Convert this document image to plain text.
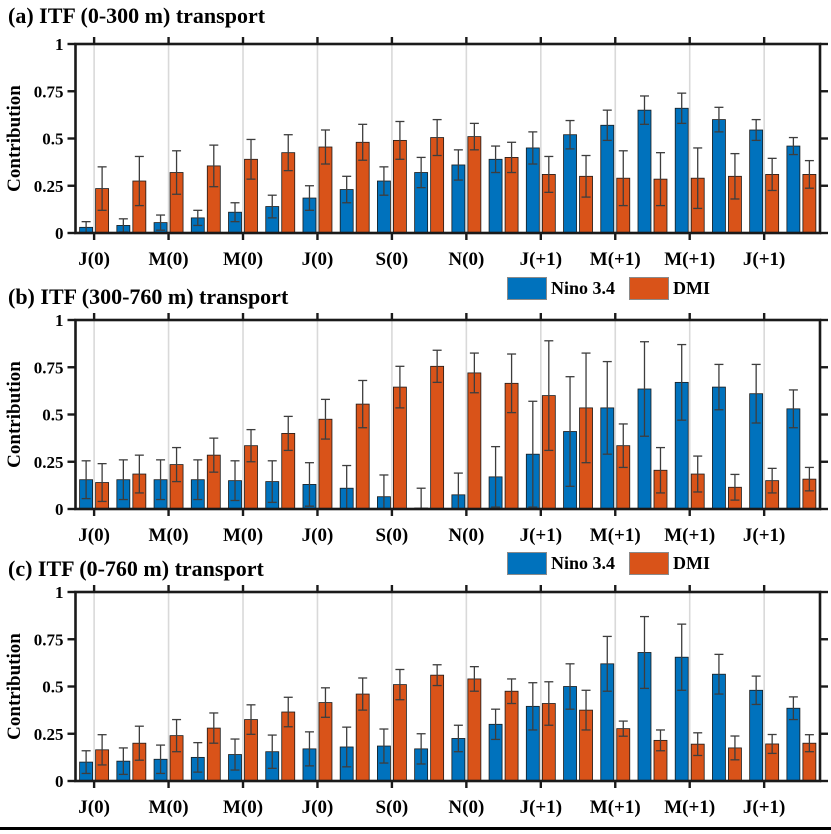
(a) ITF (0-300 m) transport
J(0) M(0) M(0) J(0) S(0) N(0) J(+1) M(+1) M(+1) J(+1)
0
0.25
0.5
0.75
1
Contribution
(b) ITF (300-760 m) transport	Nino 3.4	DMI
J(0) M(0) M(0) J(0) S(0) N(0) J(+1) M(+1) M(+1) J(+1)
0
0.25
0.5
0.75
1
Contribution
(c) ITF (0-760 m) transport	Nino 3.4	DMI
J(0) M(0) M(0) J(0) S(0) N(0) J(+1) M(+1) M(+1) J(+1)
0
0.25
0.5
0.75
1
Contribution
